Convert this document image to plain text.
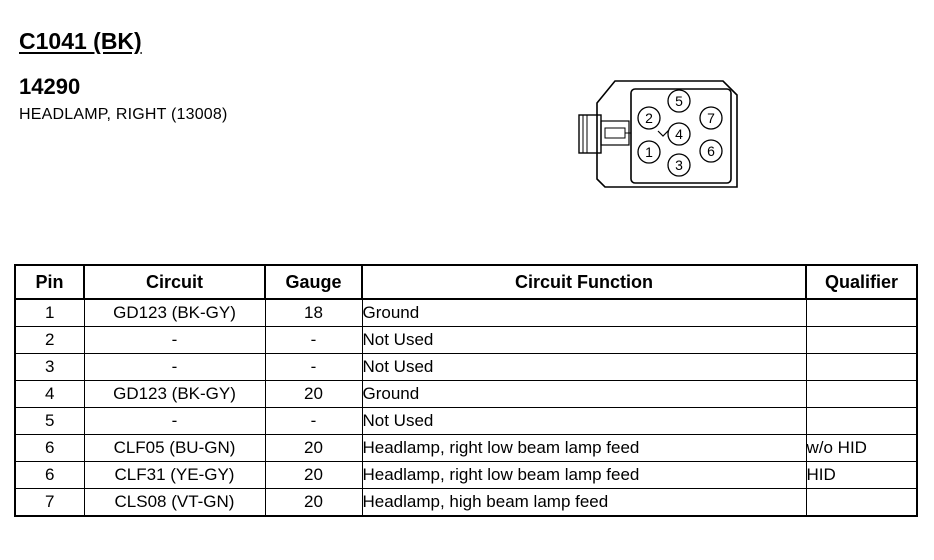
C1041 (BK)
14290
HEADLAMP, RIGHT (13008)
1
2
3
4
5
6
7
Pin	Circuit	Gauge	Circuit Function	Qualifier
1	GD123 (BK-GY)	18	Ground	
2	-	-	Not Used	
3	-	-	Not Used	
4	GD123 (BK-GY)	20	Ground	
5	-	-	Not Used	
6	CLF05 (BU-GN)	20	Headlamp, right low beam lamp feed	w/o HID
6	CLF31 (YE-GY)	20	Headlamp, right low beam lamp feed	HID
7	CLS08 (VT-GN)	20	Headlamp, high beam lamp feed	
